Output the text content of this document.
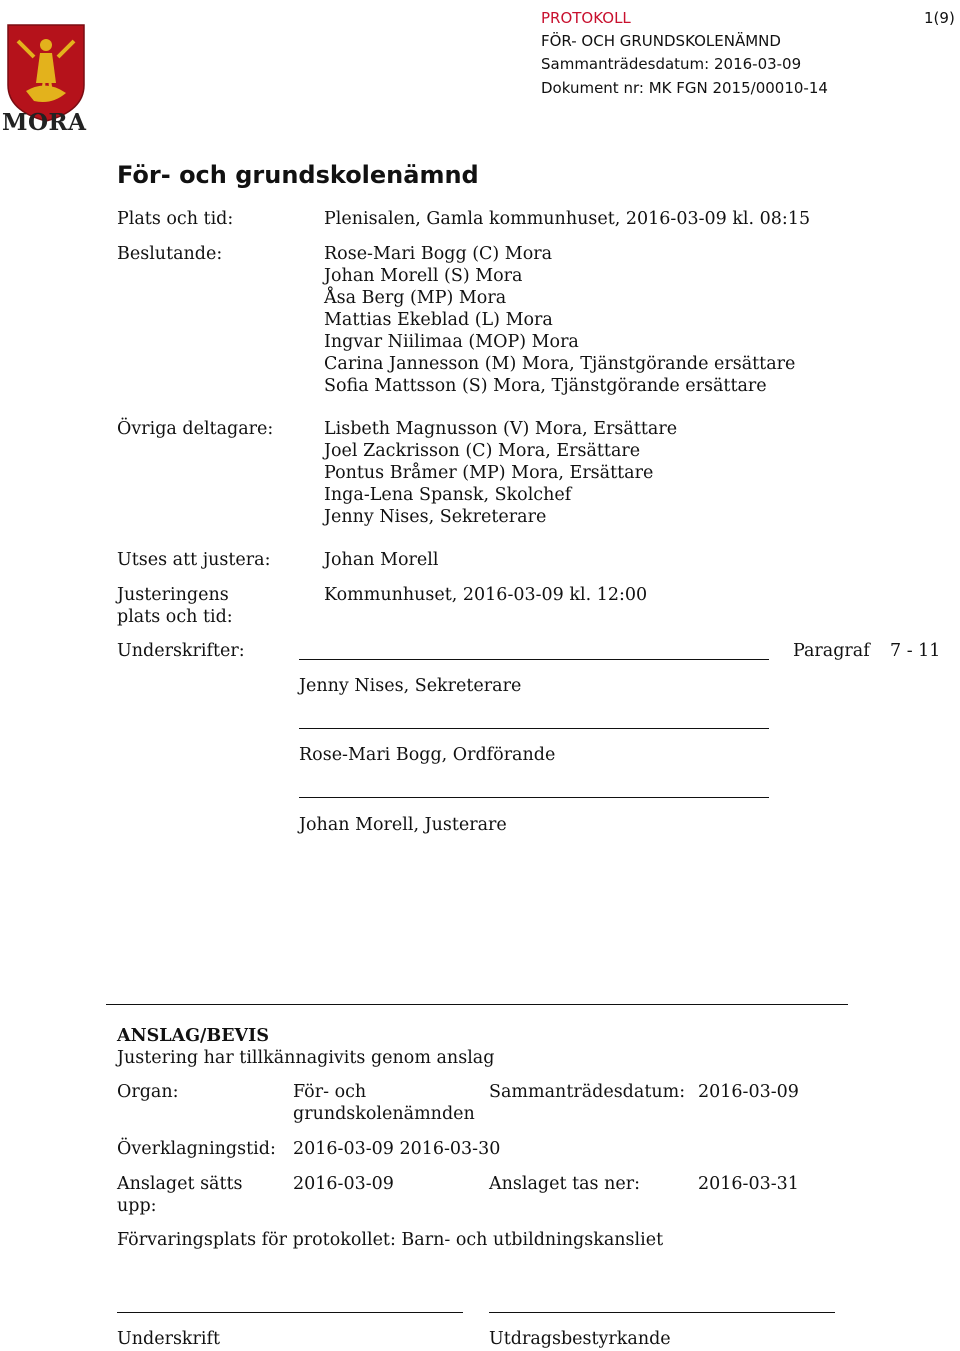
MORA
PROTOKOLL
FÖR- OCH GRUNDSKOLENÄMND
Sammanträdesdatum: 2016-03-09
Dokument nr: MK FGN 2015/00010-14
1(9)
För- och grundskolenämnd
Plats och tid:	Plenisalen, Gamla kommunhuset, 2016-03-09 kl. 08:15
Beslutande:	Rose-Mari Bogg (C) Mora
Johan Morell (S) Mora
Åsa Berg (MP) Mora
Mattias Ekeblad (L) Mora
Ingvar Niilimaa (MOP) Mora
Carina Jannesson (M) Mora, Tjänstgörande ersättare
Sofia Mattsson (S) Mora, Tjänstgörande ersättare
Övriga deltagare:	Lisbeth Magnusson (V) Mora, Ersättare
Joel Zackrisson (C) Mora, Ersättare
Pontus Bråmer (MP) Mora, Ersättare
Inga-Lena Spansk, Skolchef
Jenny Nises, Sekreterare
Utses att justera:	Johan Morell
Justeringens
plats och tid:
Kommunhuset, 2016-03-09 kl. 12:00
Underskrifter:	Paragraf 7 - 11
Jenny Nises, Sekreterare
Rose-Mari Bogg, Ordförande
Johan Morell, Justerare
ANSLAG/BEVIS
Justering har tillkännagivits genom anslag
Organ:	För- och
grundskolenämnden
Sammanträdesdatum: 2016-03-09
Överklagningstid: 2016-03-09 2016-03-30
Anslaget sätts
upp:
2016-03-09	Anslaget tas ner:	2016-03-31
Förvaringsplats för protokollet: Barn- och utbildningskansliet
Underskrift	Utdragsbestyrkande
